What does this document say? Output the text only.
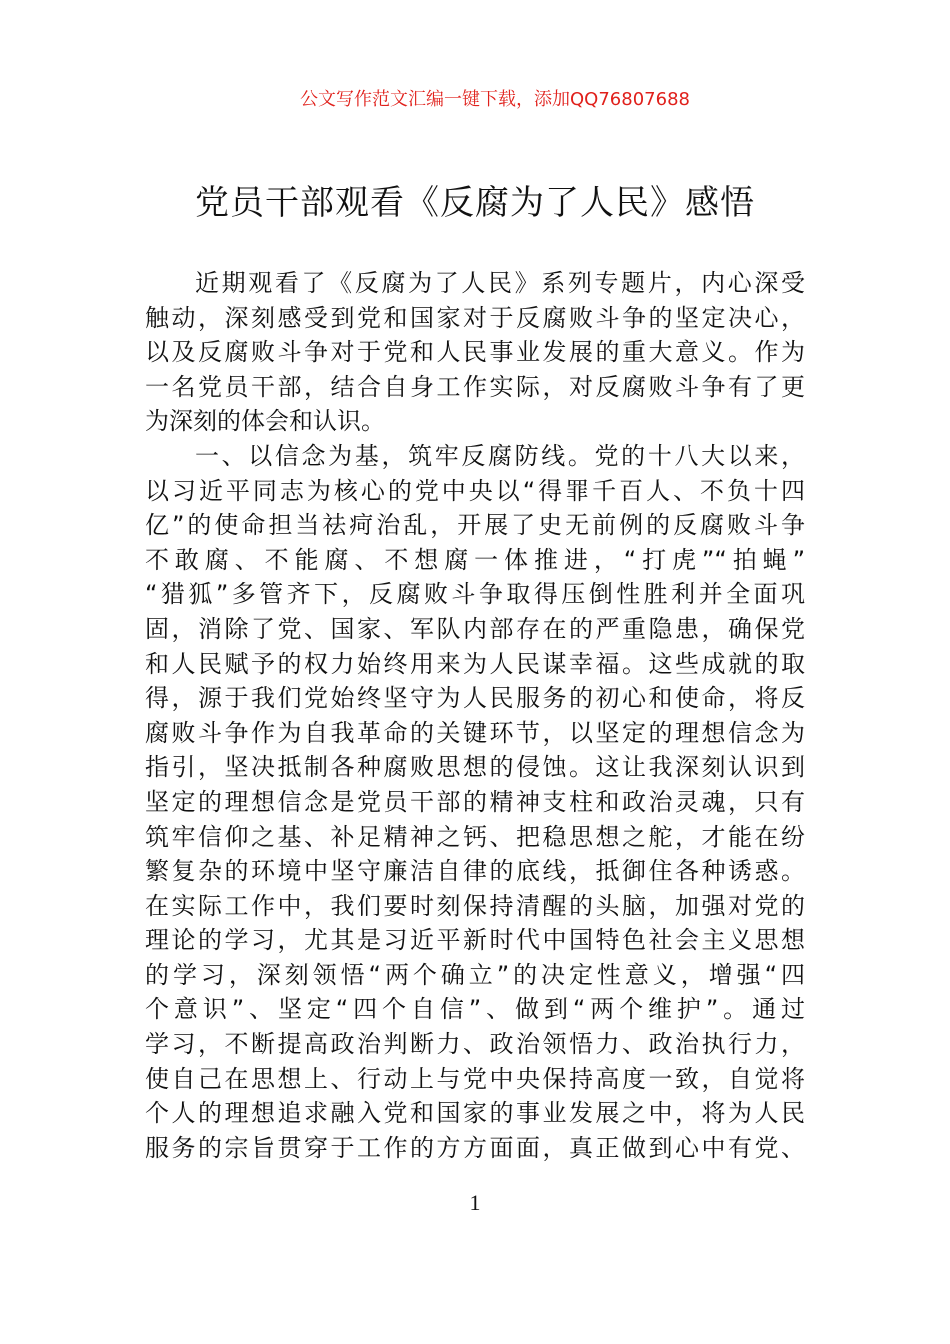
公文写作范文汇编一键下载，添加QQ76807688
党员干部观看《反腐为了人民》感悟
近期观看了《反腐为了人民》系列专题片，内心深受
触动，深刻感受到党和国家对于反腐败斗争的坚定决心，
以及反腐败斗争对于党和人民事业发展的重大意义。作为
一名党员干部，结合自身工作实际，对反腐败斗争有了更
为深刻的体会和认识。
一、以信念为基，筑牢反腐防线。党的十八大以来，
以习近平同志为核心的党中央以“得罪千百人、不负十四
亿”的使命担当祛疴治乱，开展了史无前例的反腐败斗争
不敢腐、不能腐、不想腐一体推进，“打虎”“拍蝇”
“猎狐”多管齐下，反腐败斗争取得压倒性胜利并全面巩
固，消除了党、国家、军队内部存在的严重隐患，确保党
和人民赋予的权力始终用来为人民谋幸福。这些成就的取
得，源于我们党始终坚守为人民服务的初心和使命，将反
腐败斗争作为自我革命的关键环节，以坚定的理想信念为
指引，坚决抵制各种腐败思想的侵蚀。这让我深刻认识到
坚定的理想信念是党员干部的精神支柱和政治灵魂，只有
筑牢信仰之基、补足精神之钙、把稳思想之舵，才能在纷
繁复杂的环境中坚守廉洁自律的底线，抵御住各种诱惑。
在实际工作中，我们要时刻保持清醒的头脑，加强对党的
理论的学习，尤其是习近平新时代中国特色社会主义思想
的学习，深刻领悟“两个确立”的决定性意义，增强“四
个意识”、坚定“四个自信”、做到“两个维护”。通过
学习，不断提高政治判断力、政治领悟力、政治执行力，
使自己在思想上、行动上与党中央保持高度一致，自觉将
个人的理想追求融入党和国家的事业发展之中，将为人民
服务的宗旨贯穿于工作的方方面面，真正做到心中有党、
1
